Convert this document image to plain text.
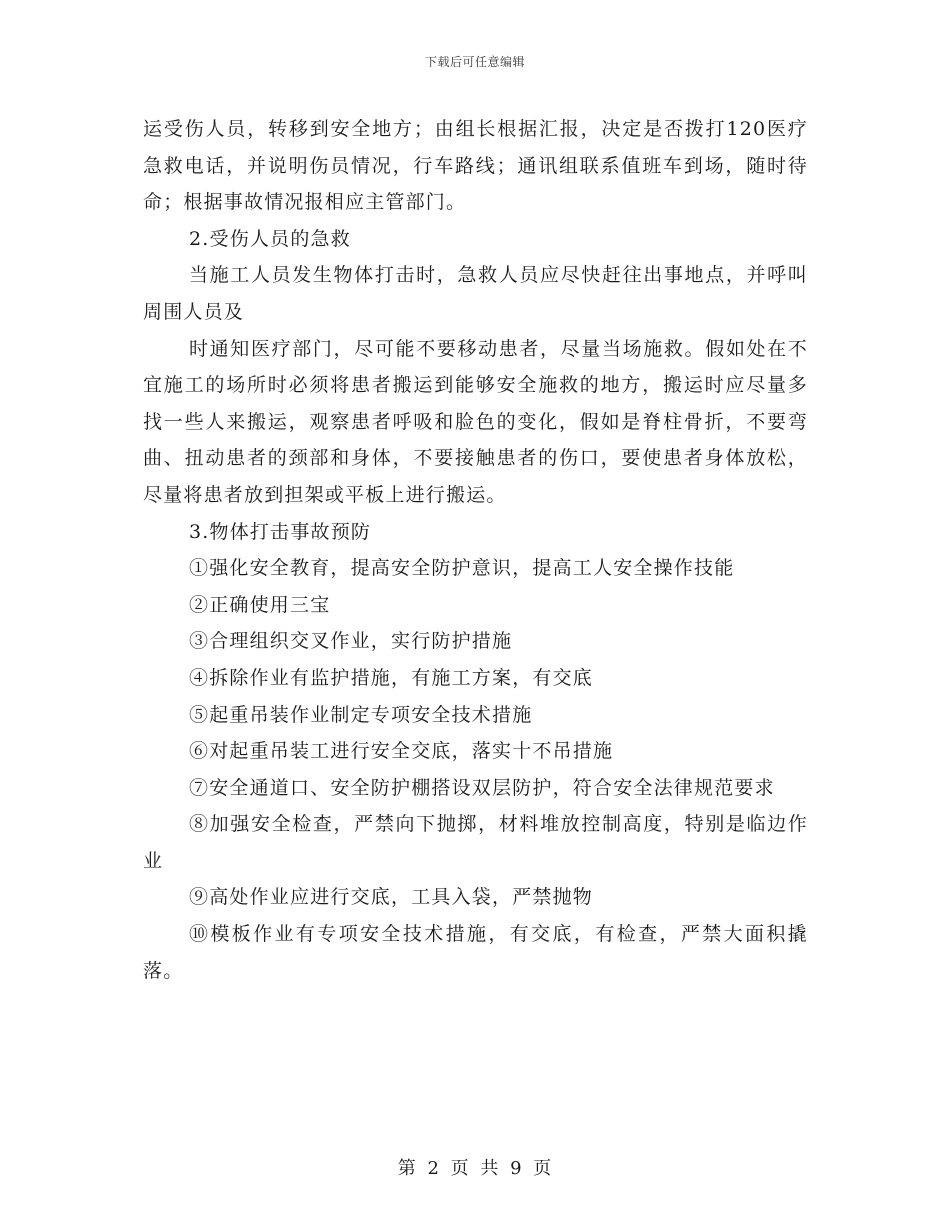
下载后可任意编辑

运受伤人员，转移到安全地方；由组长根据汇报，决定是否拨打120医疗急救电话，并说明伤员情况，行车路线；通讯组联系值班车到场，随时待命；根据事故情况报相应主管部门。

2.受伤人员的急救

当施工人员发生物体打击时，急救人员应尽快赶往出事地点，并呼叫周围人员及

时通知医疗部门，尽可能不要移动患者，尽量当场施救。假如处在不宜施工的场所时必须将患者搬运到能够安全施救的地方，搬运时应尽量多找一些人来搬运，观察患者呼吸和脸色的变化，假如是脊柱骨折，不要弯曲、扭动患者的颈部和身体，不要接触患者的伤口，要使患者身体放松，尽量将患者放到担架或平板上进行搬运。

3.物体打击事故预防

①强化安全教育，提高安全防护意识，提高工人安全操作技能

②正确使用三宝

③合理组织交叉作业，实行防护措施

④拆除作业有监护措施，有施工方案，有交底

⑤起重吊装作业制定专项安全技术措施

⑥对起重吊装工进行安全交底，落实十不吊措施

⑦安全通道口、安全防护棚搭设双层防护，符合安全法律规范要求

⑧加强安全检查，严禁向下抛掷，材料堆放控制高度，特别是临边作业

⑨高处作业应进行交底，工具入袋，严禁抛物

⑩模板作业有专项安全技术措施，有交底，有检查，严禁大面积撬落。

第 2 页 共 9 页
